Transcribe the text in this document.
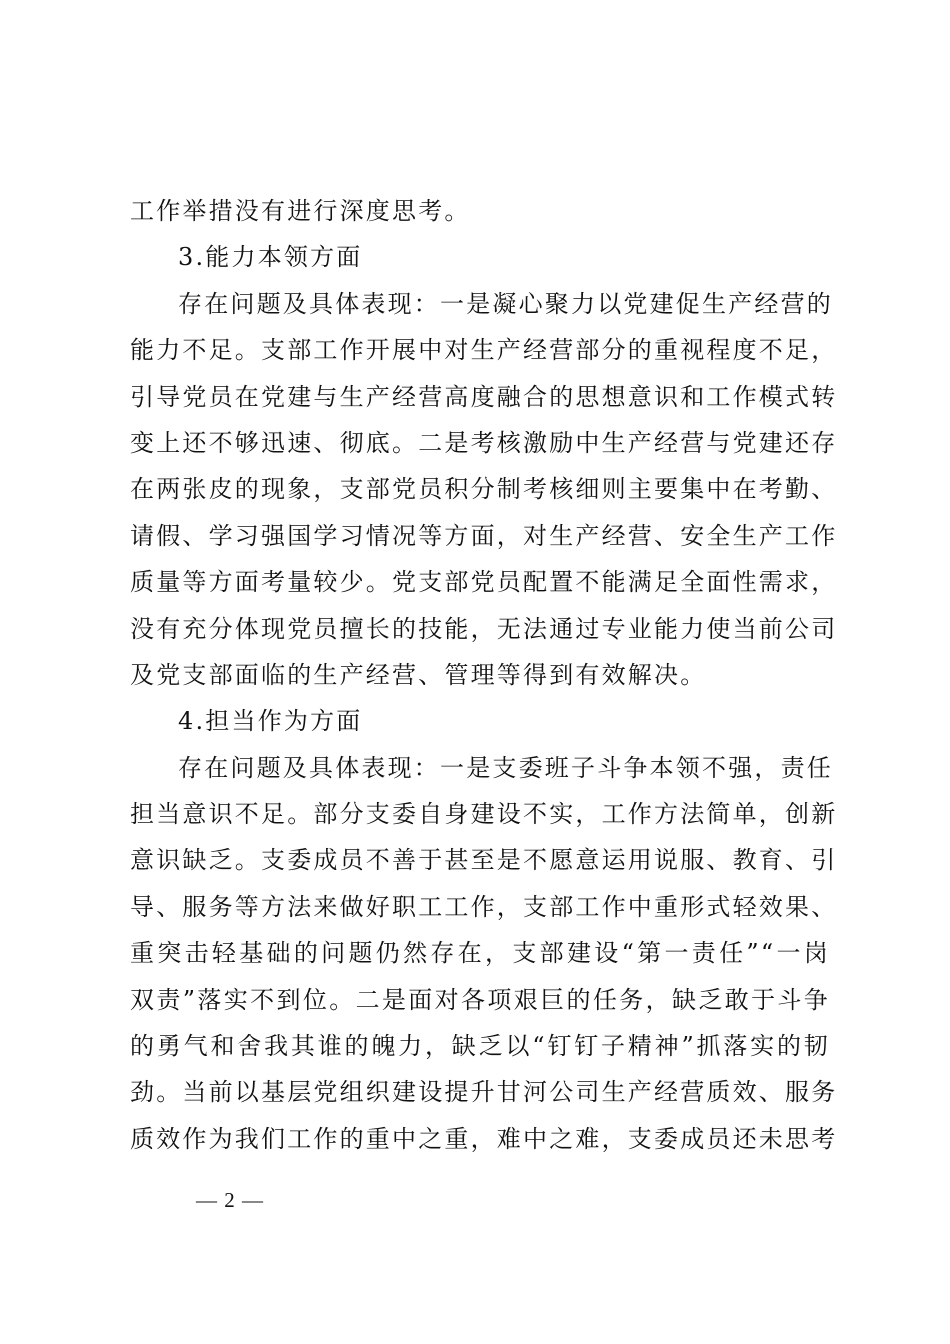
工作举措没有进行深度思考。
3.能力本领方面
存在问题及具体表现：一是凝心聚力以党建促生产经营的
能力不足。支部工作开展中对生产经营部分的重视程度不足，
引导党员在党建与生产经营高度融合的思想意识和工作模式转
变上还不够迅速、彻底。二是考核激励中生产经营与党建还存
在两张皮的现象，支部党员积分制考核细则主要集中在考勤、
请假、学习强国学习情况等方面，对生产经营、安全生产工作
质量等方面考量较少。党支部党员配置不能满足全面性需求，
没有充分体现党员擅长的技能，无法通过专业能力使当前公司
及党支部面临的生产经营、管理等得到有效解决。
4.担当作为方面
存在问题及具体表现：一是支委班子斗争本领不强，责任
担当意识不足。部分支委自身建设不实，工作方法简单，创新
意识缺乏。支委成员不善于甚至是不愿意运用说服、教育、引
导、服务等方法来做好职工工作，支部工作中重形式轻效果、
重突击轻基础的问题仍然存在，支部建设“第一责任”“一岗
双责”落实不到位。二是面对各项艰巨的任务，缺乏敢于斗争
的勇气和舍我其谁的魄力，缺乏以“钉钉子精神”抓落实的韧
劲。当前以基层党组织建设提升甘河公司生产经营质效、服务
质效作为我们工作的重中之重，难中之难，支委成员还未思考
— 2 —
